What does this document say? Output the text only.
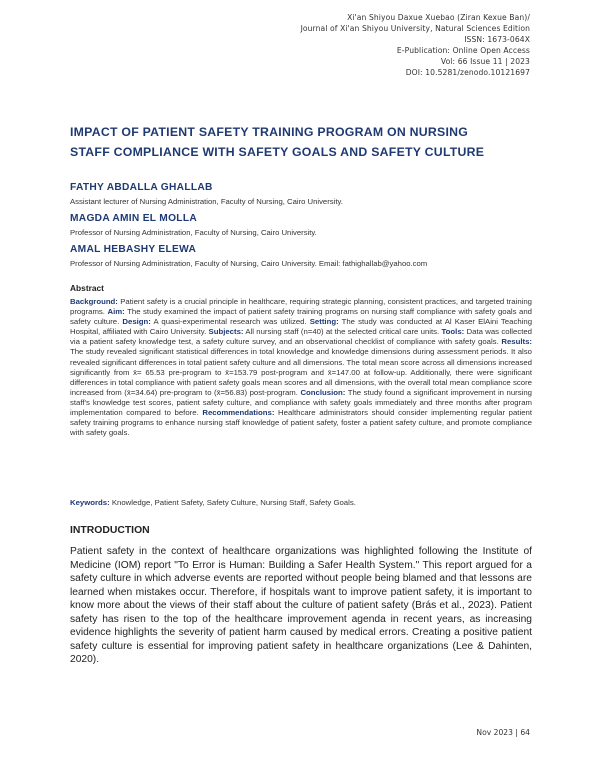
Xi'an Shiyou Daxue Xuebao (Ziran Kexue Ban)/
Journal of Xi'an Shiyou University, Natural Sciences Edition
ISSN: 1673-064X
E-Publication: Online Open Access
Vol: 66 Issue 11 | 2023
DOI: 10.5281/zenodo.10121697
IMPACT OF PATIENT SAFETY TRAINING PROGRAM ON NURSING
STAFF COMPLIANCE WITH SAFETY GOALS AND SAFETY CULTURE
FATHY ABDALLA GHALLAB
Assistant lecturer of Nursing Administration, Faculty of Nursing, Cairo University.
MAGDA AMIN EL MOLLA
Professor of Nursing Administration, Faculty of Nursing, Cairo University.
AMAL HEBASHY ELEWA
Professor of Nursing Administration, Faculty of Nursing, Cairo University. Email: fathighallab@yahoo.com
Abstract
Background: Patient safety is a crucial principle in healthcare, requiring strategic planning, consistent practices, and targeted training programs. Aim: The study examined the impact of patient safety training programs on nursing staff compliance with safety goals and safety culture. Design: A quasi-experimental research was utilized. Setting: The study was conducted at Al Kaser ElAini Teaching Hospital, affiliated with Cairo University. Subjects: All nursing staff (n=40) at the selected critical care units. Tools: Data was collected via a patient safety knowledge test, a safety culture survey, and an observational checklist of compliance with safety goals. Results: The study revealed significant statistical differences in total knowledge and knowledge dimensions during assessment periods. It also revealed significant differences in total patient safety culture and all dimensions. The total mean score across all dimensions increased significantly from x̄= 65.53 pre-program to x̄=153.79 post-program and x̄=147.00 at follow-up. Additionally, there were significant differences in total compliance with patient safety goals mean scores and all dimensions, with the overall total mean compliance score increased from (x̄=34.64) pre-program to (x̄=56.83) post-program. Conclusion: The study found a significant improvement in nursing staff's knowledge test scores, patient safety culture, and compliance with safety goals immediately and three months after program implementation compared to before. Recommendations: Healthcare administrators should consider implementing regular patient safety training programs to enhance nursing staff knowledge of patient safety, foster a patient safety culture, and promote compliance with safety goals.
Keywords: Knowledge, Patient Safety, Safety Culture, Nursing Staff, Safety Goals.
INTRODUCTION
Patient safety in the context of healthcare organizations was highlighted following the Institute of Medicine (IOM) report "To Error is Human: Building a Safer Health System." This report argued for a safety culture in which adverse events are reported without people being blamed and that lessons are learned when mistakes occur. Therefore, if hospitals want to improve patient safety, it is important to know more about the views of their staff about the culture of patient safety (Brás et al., 2023). Patient safety has risen to the top of the healthcare improvement agenda in recent years, as increasing evidence highlights the severity of patient harm caused by medical errors. Creating a positive patient safety culture is essential for improving patient safety in healthcare organizations (Lee & Dahinten, 2020).
Nov 2023 | 64
